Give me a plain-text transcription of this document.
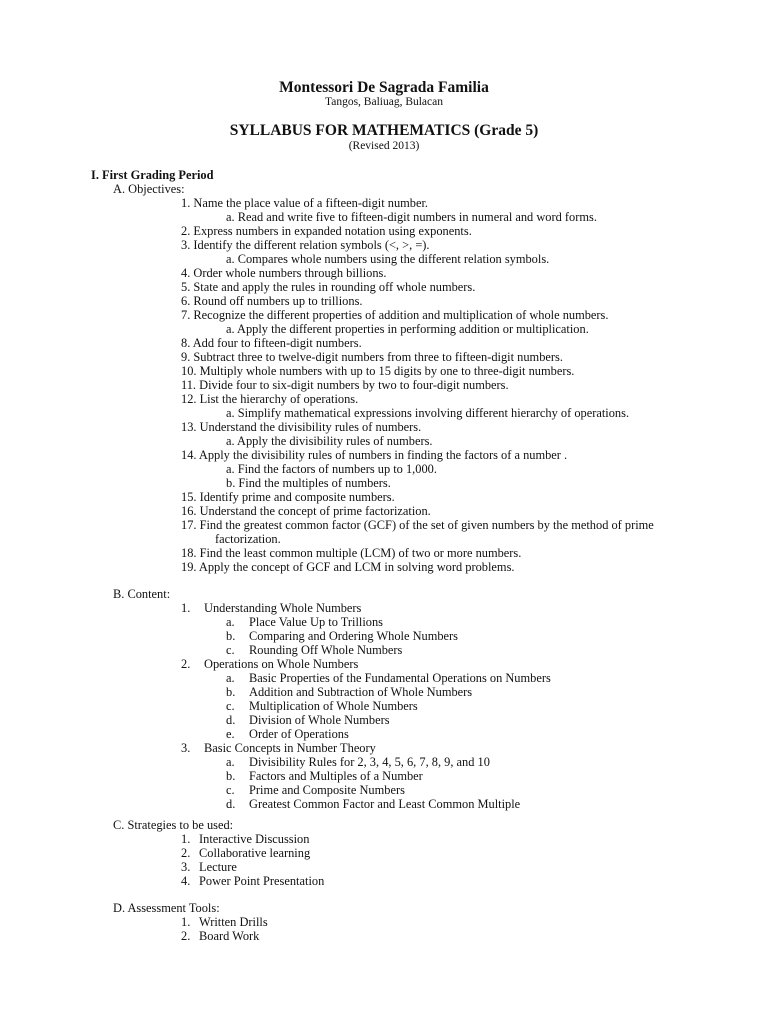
Montessori De Sagrada Familia
Tangos, Baliuag, Bulacan
SYLLABUS FOR MATHEMATICS (Grade 5)
(Revised 2013)
I. First Grading Period
A. Objectives:
1. Name the place value of a fifteen-digit number.
a. Read and write five to fifteen-digit numbers in numeral and word forms.
2. Express numbers in expanded notation using exponents.
3. Identify the different relation symbols (<, >, =).
a. Compares whole numbers using the different relation symbols.
4. Order whole numbers through billions.
5. State and apply the rules in rounding off whole numbers.
6. Round off numbers up to trillions.
7. Recognize the different properties of addition and multiplication of whole numbers.
a. Apply the different properties in performing addition or multiplication.
8. Add four to fifteen-digit numbers.
9. Subtract three to twelve-digit numbers from three to fifteen-digit numbers.
10. Multiply whole numbers with up to 15 digits by one to three-digit numbers.
11. Divide four to six-digit numbers by two to four-digit numbers.
12. List the hierarchy of operations.
a. Simplify mathematical expressions involving different hierarchy of operations.
13. Understand the divisibility rules of numbers.
a. Apply the divisibility rules of numbers.
14. Apply the divisibility rules of numbers in finding the factors of a number .
a. Find the factors of numbers up to 1,000.
b. Find the multiples of numbers.
15. Identify prime and composite numbers.
16. Understand the concept of prime factorization.
17. Find the greatest common factor (GCF) of the set of given numbers by the method of prime
factorization.
18. Find the least common multiple (LCM) of two or more numbers.
19. Apply the concept of GCF and LCM in solving word problems.
B. Content:
1. Understanding Whole Numbers
a. Place Value Up to Trillions
b. Comparing and Ordering Whole Numbers
c. Rounding Off Whole Numbers
2. Operations on Whole Numbers
a. Basic Properties of the Fundamental Operations on Numbers
b. Addition and Subtraction of Whole Numbers
c. Multiplication of Whole Numbers
d. Division of Whole Numbers
e. Order of Operations
3. Basic Concepts in Number Theory
a. Divisibility Rules for 2, 3, 4, 5, 6, 7, 8, 9, and 10
b. Factors and Multiples of a Number
c. Prime and Composite Numbers
d. Greatest Common Factor and Least Common Multiple
C. Strategies to be used:
1. Interactive Discussion
2. Collaborative learning
3. Lecture
4. Power Point Presentation
D. Assessment Tools:
1. Written Drills
2. Board Work
